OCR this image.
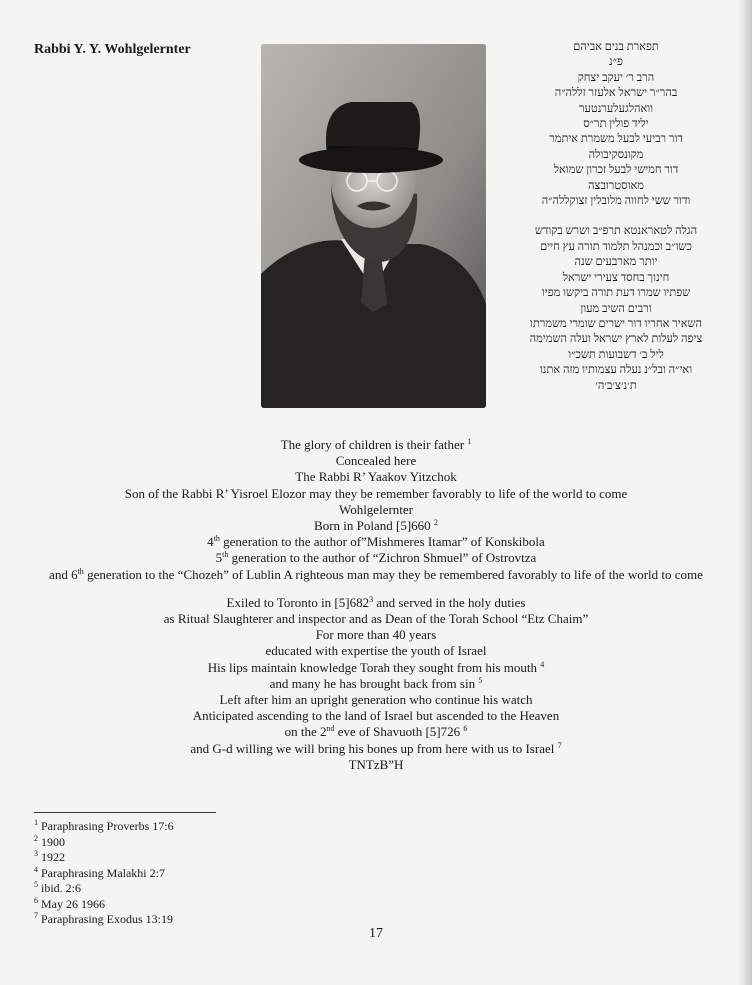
Rabbi Y. Y. Wohlgelernter	תפארת בנים אביהם
פ״נ
הרב ר׳ יעקב יצחק
בהר״ר ישראל אלעזר זללה״ה
וואהלגעלערנטער
יליד פולין תר״ס
דור רביעי לבעל משמרת איתמר
מקונסקיבולה
דור חמישי לבעל זכרון שמואל
מאוסטרובצה
ודור ששי לחווה מלובלין זצוקללה״ה
הגלה לטאראנטא תרפ״ב ושרש בקודש
כשו״ב וכמנהל תלמוד תורה עץ חיים
יותר מארבעים שנה
חינוך בחסד צעירי ישראל
שפתיו שמרו דעת תורה ביקשו מפיו
ורבים השיב מעון
השאיר אחריו דור ישרים שומרי משמרתו
ציפה לעלות לארץ ישראל ועלה השמימה
ליל ב׳ דשבועות תשכ״ו
ואי״ה ובל״נ נעלה עצמותיו מזה אתנו
ת׳נ׳צ׳ב׳ה׳
The glory of children is their father $^1$
Concealed here
The Rabbi R’ Yaakov Yitzchok
Son of the Rabbi R’ Yisroel Elozor may they be remember favorably to life of the world to come
Wohlgelernter
Born in Poland [5]660 $^2$
4th generation to the author of”Mishmeres Itamar” of Konskibola
5th generation to the author of “Zichron Shmuel” of Ostrovtza
and 6th generation to the “Chozeh” of Lublin A righteous man may they be remembered favorably to life of the world to come
Exiled to Toronto in $[5]682^3$ and served in the holy duties
as Ritual Slaughterer and inspector and as Dean of the Torah School “Etz Chaim”
For more than 40 years
educated with expertise the youth of Israel
His lips maintain knowledge Torah they sought from his mouth $^4$
and many he has brought back from sin $^5$
Left after him an upright generation who continue his watch
Anticipated ascending to the land of Israel but ascended to the Heaven
on the 2nd eve of Shavuoth [5]726 $^6$
and G-d willing we will bring his bones up from here with us to Israel $^7$
TNTzB”H
$^1$ Paraphrasing Proverbs 17:6
$^2$ 1900
$^3$ 1922
$^4$ Paraphrasing Malakhi 2:7
$^5$ ibid. 2:6
$^6$ May 26 1966
$^7$ Paraphrasing Exodus 13:19
17
